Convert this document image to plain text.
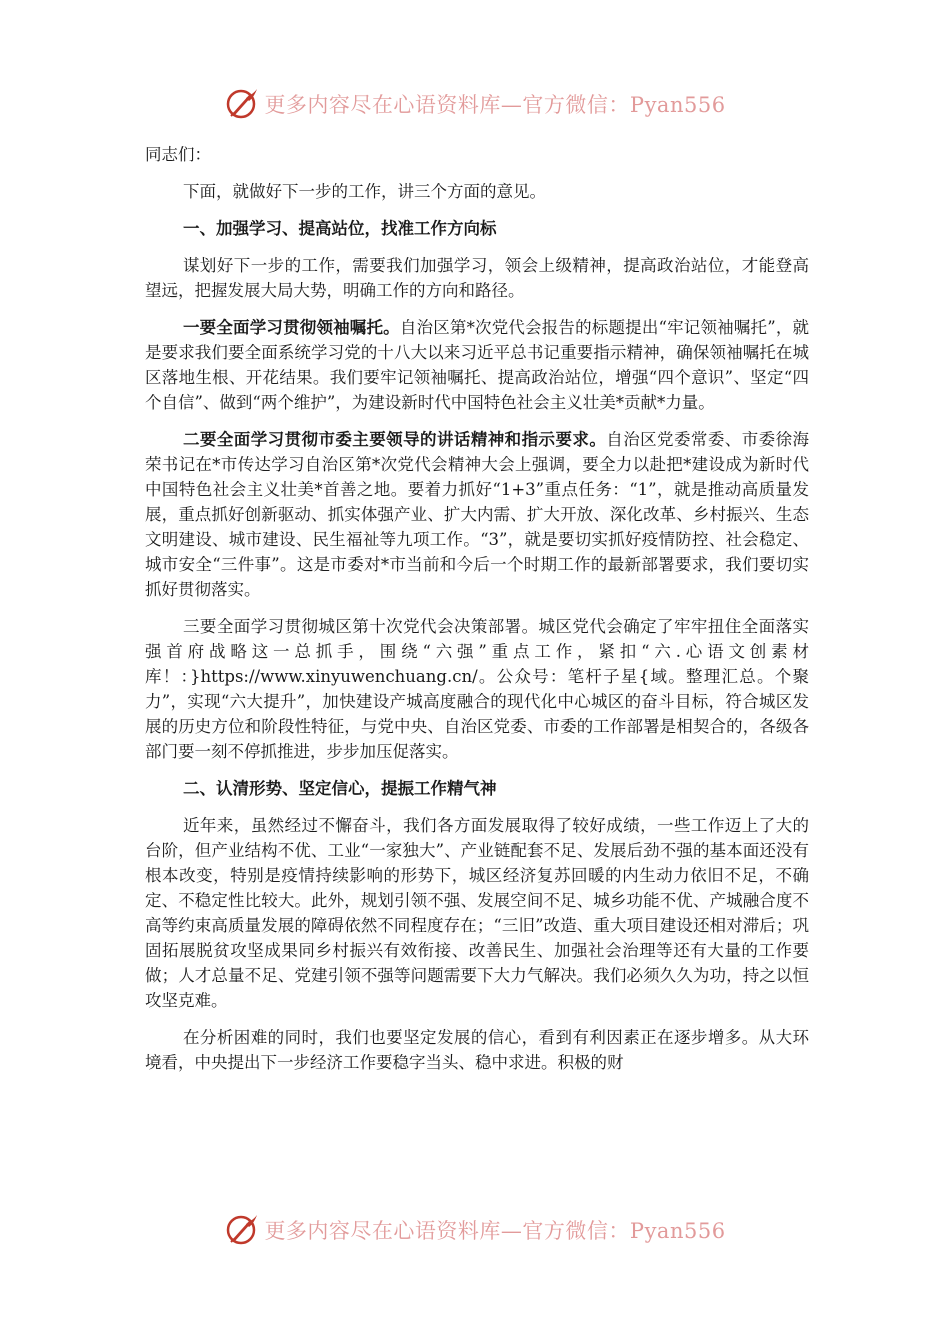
更多内容尽在心语资料库—官方微信：Pyan556

同志们：

下面，就做好下一步的工作，讲三个方面的意见。

一、加强学习、提高站位，找准工作方向标

谋划好下一步的工作，需要我们加强学习，领会上级精神，提高政治站位，才能登高望远，把握发展大局大势，明确工作的方向和路径。

一要全面学习贯彻领袖嘱托。自治区第*次党代会报告的标题提出“牢记领袖嘱托”，就是要求我们要全面系统学习党的十八大以来习近平总书记重要指示精神，确保领袖嘱托在城区落地生根、开花结果。我们要牢记领袖嘱托、提高政治站位，增强“四个意识”、坚定“四个自信”、做到“两个维护”，为建设新时代中国特色社会主义壮美*贡献*力量。

二要全面学习贯彻市委主要领导的讲话精神和指示要求。自治区党委常委、市委徐海荣书记在*市传达学习自治区第*次党代会精神大会上强调，要全力以赴把*建设成为新时代中国特色社会主义壮美*首善之地。要着力抓好“1+3”重点任务：“1”，就是推动高质量发展，重点抓好创新驱动、抓实体强产业、扩大内需、扩大开放、深化改革、乡村振兴、生态文明建设、城市建设、民生福祉等九项工作。“3”，就是要切实抓好疫情防控、社会稳定、城市安全“三件事”。这是市委对*市当前和今后一个时期工作的最新部署要求，我们要切实抓好贯彻落实。

三要全面学习贯彻城区第十次党代会决策部署。城区党代会确定了牢牢扭住全面落实强首府战略这一总抓手，围绕“六强”重点工作，紧扣“六.心语文创素材库！：}https://www.xinyuwenchuang.cn/。公众号：笔杆子星{域。整理汇总。个聚力”，实现“六大提升”，加快建设产城高度融合的现代化中心城区的奋斗目标，符合城区发展的历史方位和阶段性特征，与党中央、自治区党委、市委的工作部署是相契合的，各级各部门要一刻不停抓推进，步步加压促落实。

二、认清形势、坚定信心，提振工作精气神

近年来，虽然经过不懈奋斗，我们各方面发展取得了较好成绩，一些工作迈上了大的台阶，但产业结构不优、工业“一家独大”、产业链配套不足、发展后劲不强的基本面还没有根本改变，特别是疫情持续影响的形势下，城区经济复苏回暖的内生动力依旧不足，不确定、不稳定性比较大。此外，规划引领不强、发展空间不足、城乡功能不优、产城融合度不高等约束高质量发展的障碍依然不同程度存在；“三旧”改造、重大项目建设还相对滞后；巩固拓展脱贫攻坚成果同乡村振兴有效衔接、改善民生、加强社会治理等还有大量的工作要做；人才总量不足、党建引领不强等问题需要下大力气解决。我们必须久久为功，持之以恒攻坚克难。

在分析困难的同时，我们也要坚定发展的信心，看到有利因素正在逐步增多。从大环境看，中央提出下一步经济工作要稳字当头、稳中求进。积极的财

更多内容尽在心语资料库—官方微信：Pyan556
